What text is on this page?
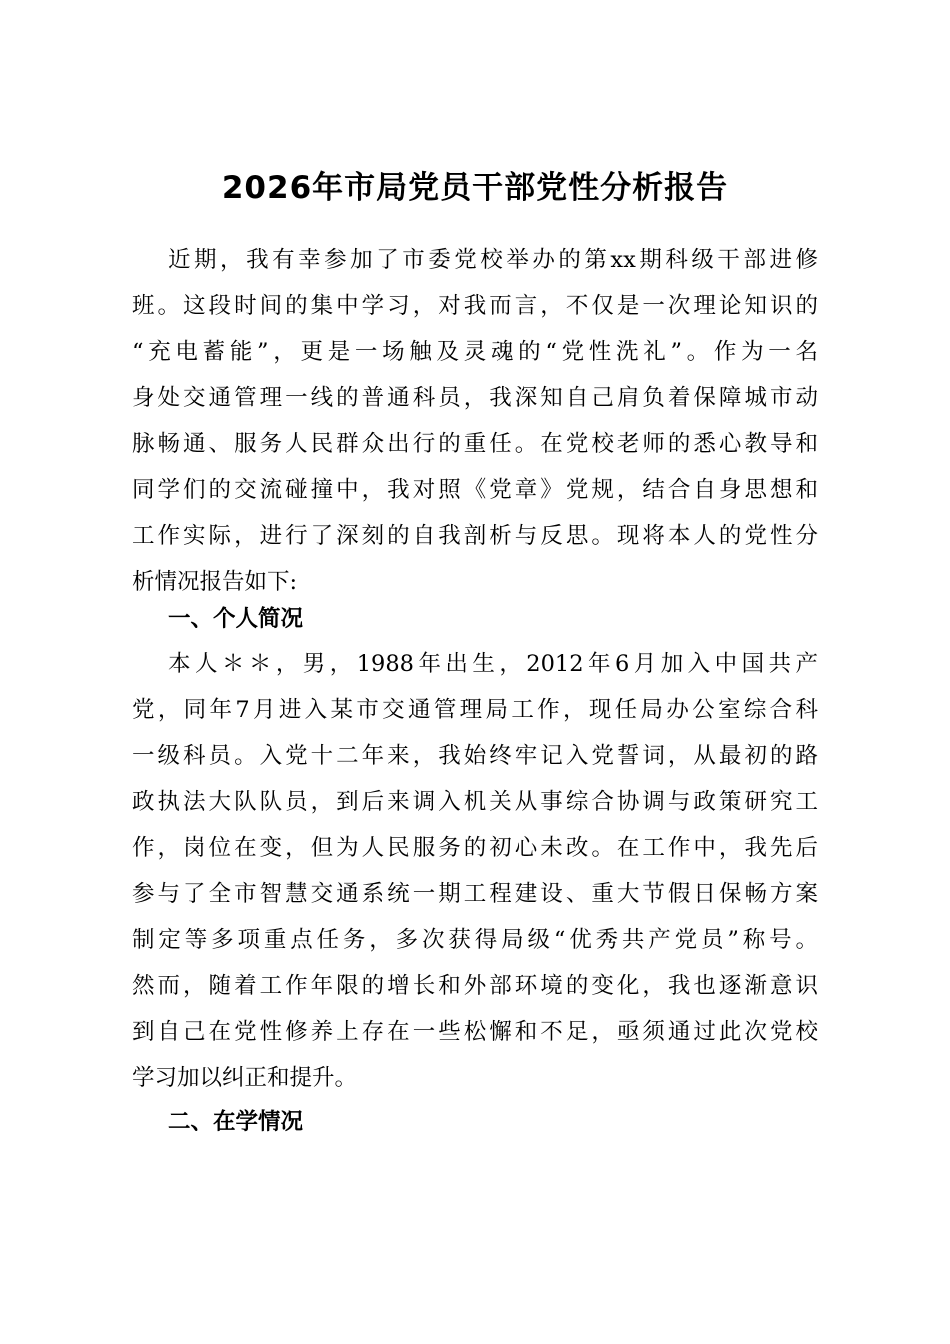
2026年市局党员干部党性分析报告
近期，我有幸参加了市委党校举办的第xx期科级干部进修
班。这段时间的集中学习，对我而言，不仅是一次理论知识的
“充电蓄能”，更是一场触及灵魂的“党性洗礼”。作为一名
身处交通管理一线的普通科员，我深知自己肩负着保障城市动
脉畅通、服务人民群众出行的重任。在党校老师的悉心教导和
同学们的交流碰撞中，我对照《党章》党规，结合自身思想和
工作实际，进行了深刻的自我剖析与反思。现将本人的党性分
析情况报告如下:
一、个人简况
本人＊＊，男，1988年出生，2012年6月加入中国共产
党，同年7月进入某市交通管理局工作，现任局办公室综合科
一级科员。入党十二年来，我始终牢记入党誓词，从最初的路
政执法大队队员，到后来调入机关从事综合协调与政策研究工
作，岗位在变，但为人民服务的初心未改。在工作中，我先后
参与了全市智慧交通系统一期工程建设、重大节假日保畅方案
制定等多项重点任务，多次获得局级“优秀共产党员”称号。
然而，随着工作年限的增长和外部环境的变化，我也逐渐意识
到自己在党性修养上存在一些松懈和不足，亟须通过此次党校
学习加以纠正和提升。
二、在学情况
